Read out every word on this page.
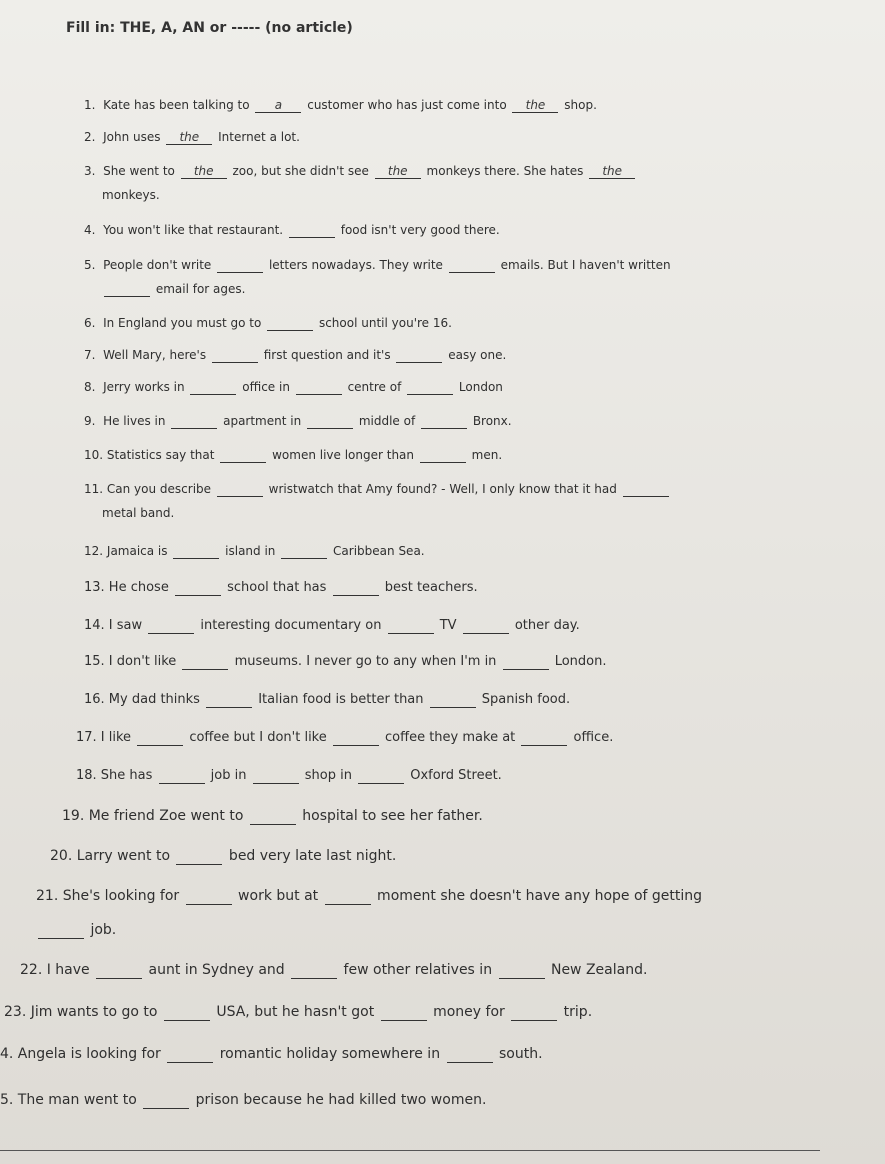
Fill in: THE, A, AN or ----- (no article)
1.  Kate has been talking to a customer who has just come into the shop.
2.  John uses the Internet a lot.
3.  She went to the zoo, but she didn't see the monkeys there. She hates the
monkeys.
4.  You won't like that restaurant.	food isn't very good there.
5.  People don't write	letters nowadays. They write	emails. But I haven't written
email for ages.
6.  In England you must go to	school until you're 16.
7.  Well Mary, here's	first question and it's	easy one.
8.  Jerry works in	office in	centre of	London
9.  He lives in	apartment in	middle of	Bronx.
10. Statistics say that	women live longer than	men.
11. Can you describe	wristwatch that Amy found? - Well, I only know that it had
metal band.
12. Jamaica is	island in	Caribbean Sea.
13. He chose	school that has	best teachers.
14. I saw	interesting documentary on	TV	other day.
15. I don't like	museums. I never go to any when I'm in	London.
16. My dad thinks	Italian food is better than	Spanish food.
17. I like	coffee but I don't like	coffee they make at	office.
18. She has	job in	shop in	Oxford Street.
19. Me friend Zoe went to	hospital to see her father.
20. Larry went to	bed very late last night.
21. She's looking for	work but at	moment she doesn't have any hope of getting
job.
22. I have	aunt in Sydney and	few other relatives in	New Zealand.
23. Jim wants to go to	USA, but he hasn't got	money for	trip.
4. Angela is looking for	romantic holiday somewhere in	south.
5. The man went to	prison because he had killed two women.
